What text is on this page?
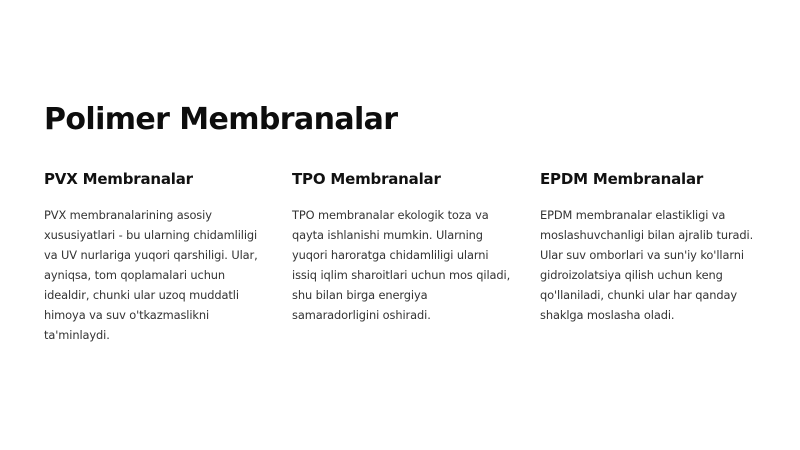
Polimer Membranalar
PVX Membranalar

PVX membranalarining asosiy xususiyatlari - bu ularning chidamliligi va UV nurlariga yuqori qarshiligi. Ular, ayniqsa, tom qoplamalari uchun idealdir, chunki ular uzoq muddatli himoya va suv o'tkazmaslikni ta'minlaydi.

TPO Membranalar

TPO membranalar ekologik toza va qayta ishlanishi mumkin. Ularning yuqori haroratga chidamliligi ularni issiq iqlim sharoitlari uchun mos qiladi, shu bilan birga energiya samaradorligini oshiradi.

EPDM Membranalar

EPDM membranalar elastikligi va moslashuvchanligi bilan ajralib turadi. Ular suv omborlari va sun'iy ko'llarni gidroizolatsiya qilish uchun keng qo'llaniladi, chunki ular har qanday shaklga moslasha oladi.
